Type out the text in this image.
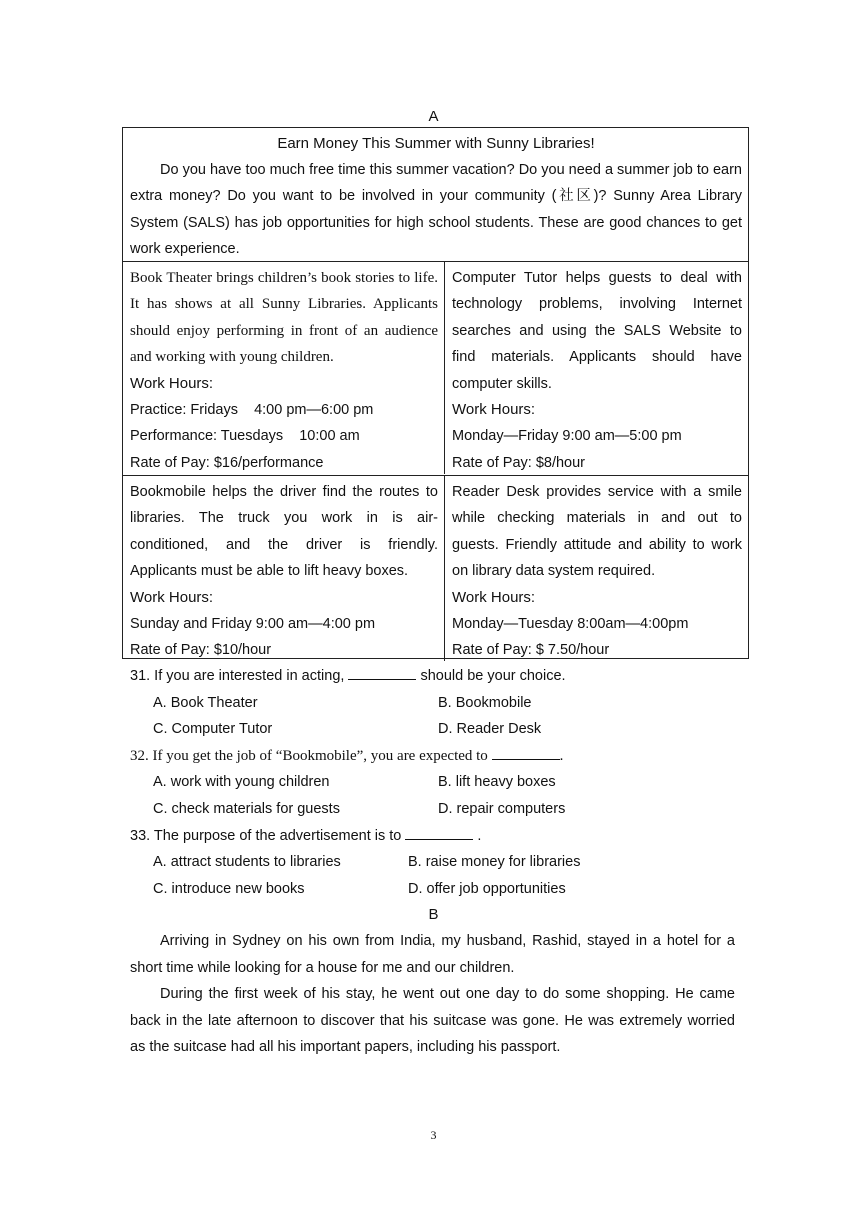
A
Earn Money This Summer with Sunny Libraries!
Do you have too much free time this summer vacation? Do you need a summer job to earn extra money? Do you want to be involved in your community (社区)? Sunny Area Library System (SALS) has job opportunities for high school students. These are good chances to get work experience.
Book Theater brings children’s book stories to life. It has shows at all Sunny Libraries. Applicants should enjoy performing in front of an audience and working with young children.
Work Hours:
Practice: Fridays    4:00 pm—6:00 pm
Performance: Tuesdays    10:00 am
Rate of Pay: $16/performance
Computer Tutor helps guests to deal with technology problems, involving Internet searches and using the SALS Website to find materials. Applicants should have computer skills.
Work Hours:
Monday—Friday 9:00 am—5:00 pm
Rate of Pay: $8/hour
Bookmobile helps the driver find the routes to libraries. The truck you work in is air-conditioned, and the driver is friendly. Applicants must be able to lift heavy boxes.
Work Hours:
Sunday and Friday 9:00 am—4:00 pm
Rate of Pay: $10/hour
Reader Desk provides service with a smile while checking materials in and out to guests. Friendly attitude and ability to work on library data system required.
Work Hours:
Monday—Tuesday 8:00am—4:00pm
Rate of Pay: $ 7.50/hour
31. If you are interested in acting,	should be your choice.
A. Book Theater	B. Bookmobile
C. Computer Tutor	D. Reader Desk
32. If you get the job of “Bookmobile”, you are expected to	.
A. work with young children	B. lift heavy boxes
C. check materials for guests	D. repair computers
33. The purpose of the advertisement is to	.
A. attract students to libraries	B. raise money for libraries
C. introduce new books	D. offer job opportunities
B

Arriving in Sydney on his own from India, my husband, Rashid, stayed in a hotel for a short time while looking for a house for me and our children.

During the first week of his stay, he went out one day to do some shopping. He came back in the late afternoon to discover that his suitcase was gone. He was extremely worried as the suitcase had all his important papers, including his passport.

3
